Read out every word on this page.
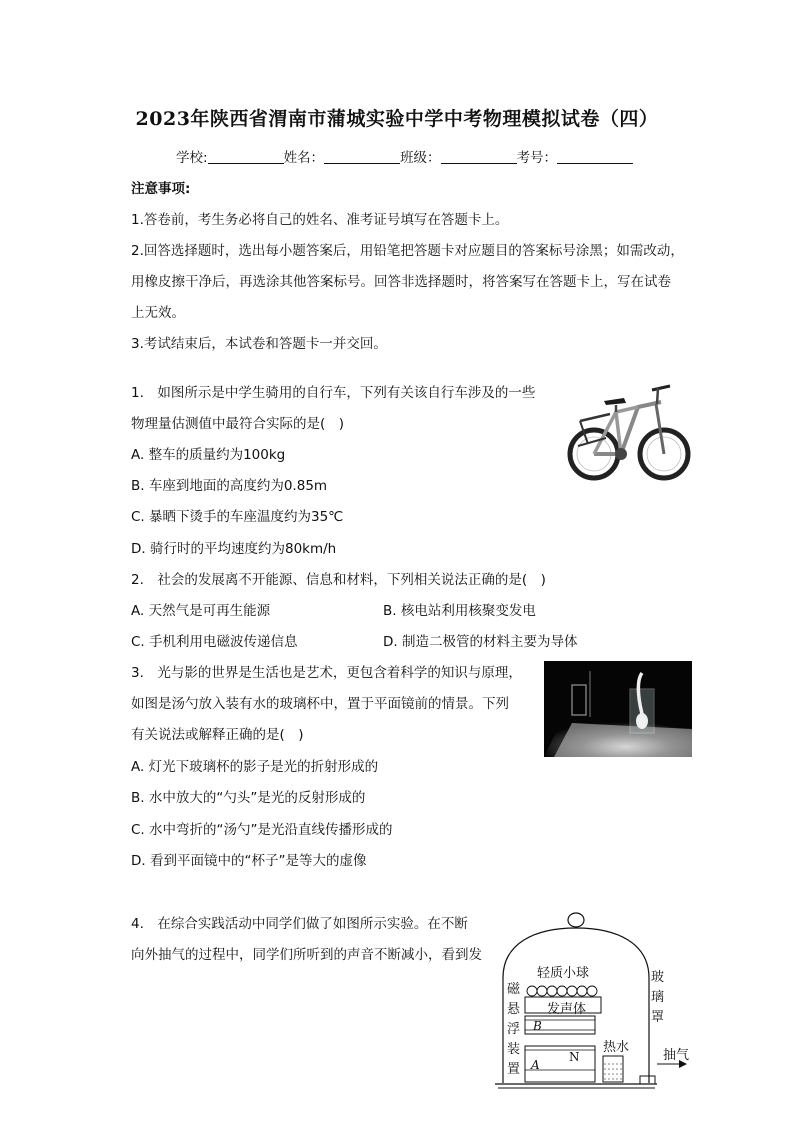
2023年陕西省渭南市蒲城实验中学中考物理模拟试卷（四）
学校:	姓名：	班级：	考号：
注意事项:
1.答卷前，考生务必将自己的姓名、准考证号填写在答题卡上。
2.回答选择题时，选出每小题答案后，用铅笔把答题卡对应题目的答案标号涂黑；如需改动，
用橡皮擦干净后，再选涂其他答案标号。回答非选择题时，将答案写在答题卡上，写在试卷
上无效。
3.考试结束后，本试卷和答题卡一并交回。
1.　如图所示是中学生骑用的自行车，下列有关该自行车涉及的一些
物理量估测值中最符合实际的是(　)
A. 整车的质量约为100kg
B. 车座到地面的高度约为0.85m
C. 暴晒下烫手的车座温度约为35℃
D. 骑行时的平均速度约为80km/h
2.　社会的发展离不开能源、信息和材料，下列相关说法正确的是(　)
A. 天然气是可再生能源	B. 核电站利用核聚变发电
C. 手机利用电磁波传递信息	D. 制造二极管的材料主要为导体
3.　光与影的世界是生活也是艺术，更包含着科学的知识与原理，
如图是汤勺放入装有水的玻璃杯中，置于平面镜前的情景。下列
有关说法或解释正确的是(　)
A. 灯光下玻璃杯的影子是光的折射形成的
B. 水中放大的“勺头”是光的反射形成的
C. 水中弯折的“汤勺”是光沿直线传播形成的
D. 看到平面镜中的“杯子”是等大的虚像
4.　在综合实践活动中同学们做了如图所示实验。在不断
向外抽气的过程中，同学们所听到的声音不断减小，看到发
轻质小球
发声体
玻
璃
罩
磁
悬
浮
装
置
B
A
N
热水
抽气
